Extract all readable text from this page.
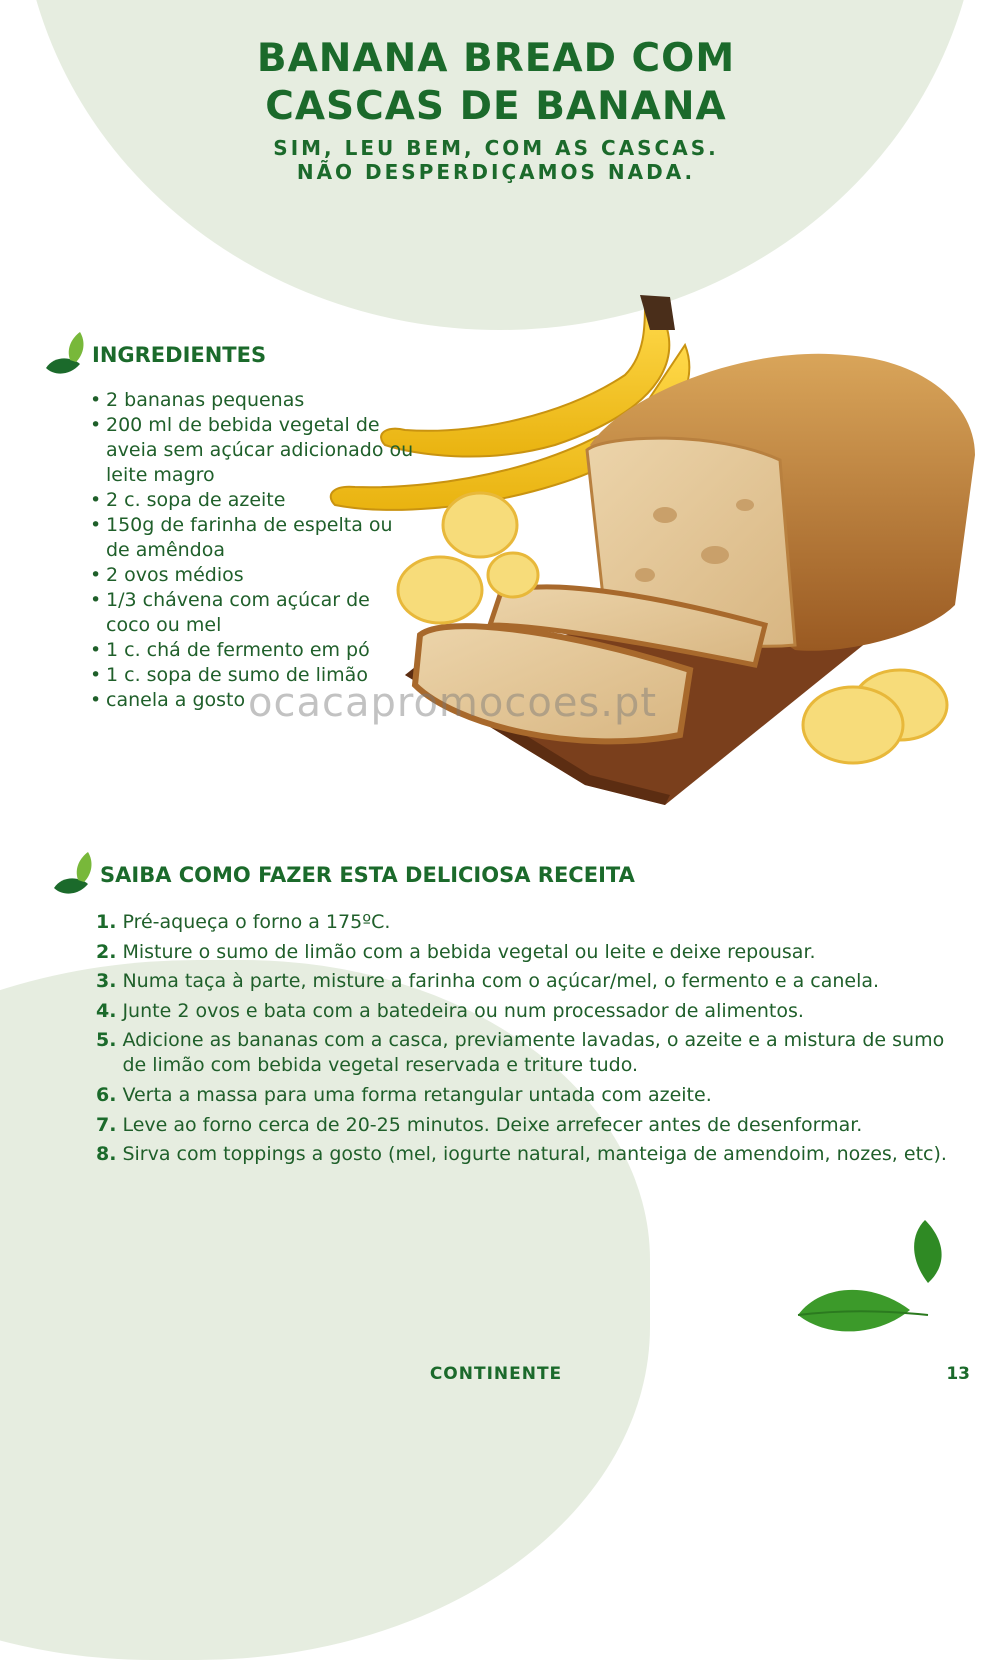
BANANA BREAD COM
CASCAS DE BANANA
SIM, LEU BEM, COM AS CASCAS.
NÃO DESPERDIÇAMOS NADA.
INGREDIENTES
• 2 bananas pequenas
• 200 ml de bebida vegetal de aveia sem açúcar adicionado ou leite magro
• 2 c. sopa de azeite
• 150g de farinha de espelta ou de amêndoa
• 2 ovos médios
• 1/3 chávena com açúcar de coco ou mel
• 1 c. chá de fermento em pó
• 1 c. sopa de sumo de limão
• canela a gosto ocacapromocoes.pt
SAIBA COMO FAZER ESTA DELICIOSA RECEITA
1. Pré-aqueça o forno a 175ºC.
2. Misture o sumo de limão com a bebida vegetal ou leite e deixe repousar.
3. Numa taça à parte, misture a farinha com o açúcar/mel, o fermento e a canela.
4. Junte 2 ovos e bata com a batedeira ou num processador de alimentos.
5. Adicione as bananas com a casca, previamente lavadas, o azeite e a mistura de sumo de limão com bebida vegetal reservada e triture tudo.
6. Verta a massa para uma forma retangular untada com azeite.
7. Leve ao forno cerca de 20-25 minutos. Deixe arrefecer antes de desenformar.
8. Sirva com toppings a gosto (mel, iogurte natural, manteiga de amendoim, nozes, etc).
CONTINENTE	13
